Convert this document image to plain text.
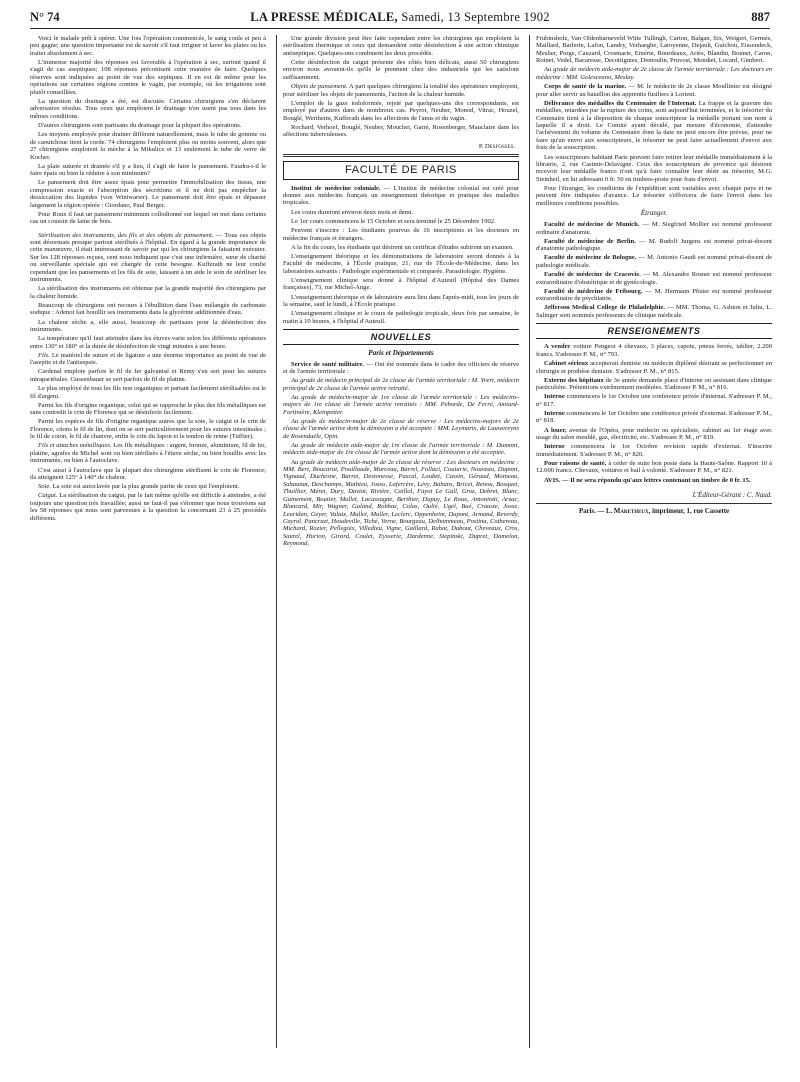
N° 74	LA PRESSE MÉDICALE, Samedi, 13 Septembre 1902	887

Voici le malade prêt à opérer. Une fois l'opération commencée, le sang coule et peu à peu gagne; une question importante est de savoir s'il faut irriguer et laver les plaies ou les traiter absolument à sec.

L'immense majorité des réponses est favorable à l'opération à sec, surtout quand il s'agit de cas aseptiques; 108 réponses préconisent cette manière de faire. Quelques réserves sont indiquées au point de vue des septiques. Il en est de même pour les opérations sur certaines régions comme le vagin, par exemple, où les irrigations sont plutôt conseillées.

La question du drainage a été, est discutée. Certains chirurgiens s'en déclarent adversaires résolus. Tous ceux qui emploient le drainage n'en usent pas tous dans les mêmes conditions.

D'autres chirurgiens sont partisans du drainage pour la plupart des opérations.

Les moyens employés pour drainer diffèrent naturellement, mais le tube de gomme ou de caoutchouc tient la corde. 74 chirurgiens l'emploient plus ou moins souvent, alors que 27 chirurgiens emploient la mèche à la Mikulicz et 13 seulement le tube de verre de Kocher.

La plaie suturée et drainée s'il y a lieu, il s'agit de faire le pansement. Faudra-t-il le faire épais ou bien le réduire à son minimum?

Le pansement doit être assez épais pour permettre l'immobilisation des tissus, une compression exacte et l'absorption des sécrétions et il ne doit pas empêcher la dessiccation des liquides (von Winiwarter). Le pansement doit être épais et dépasser largement la région opérée : Giordano, Paul Berger.

Pour Roux il faut un pansement minimum collodionné sur lequel on met dans certains cas un coussin de laine de bois.

Stérilisation des instruments, des fils et des objets de pansement. — Tous ces objets sont désormais presque partout stérilisés à l'hôpital. En égard à la grande importance de cette manœuvre, il était intéressant de savoir par qui les chirurgiens la faisaient exécuter. Sur les 128 réponses reçues, cent nous indiquent que c'est une infirmière, sœur de charité ou surveillante spéciale qui est chargée de cette besogne. Kufferath ne leur confie cependant que les pansements et les fils de soie, laissant à un aide le soin de stériliser les instruments.

La stérilisation des instruments est obtenue par la grande majorité des chirurgiens par la chaleur humide.

Beaucoup de chirurgiens ont recours à l'ébullition dans l'eau mélangée de carbonate sodique : Adenot fait bouillir ses instruments dans la glycérine additionnée d'eau.

La chaleur sèche a, elle aussi, beaucoup de partisans pour la désinfection des instruments.

La température qu'il faut atteindre dans les étuves varie selon les différents opérateurs entre 130° et 180° et la durée de désinfection de vingt minutes à une heure.

Fils. Le matériel de suture et de ligature a une énorme importance au point de vue de l'aseptie et de l'antisepsie.

Cardenal emploie parfois le fil de fer galvanisé et Remy s'en sert pour les sutures intrapariétales. Gussenbauer se sert parfois de fil de platine.

Le plus employé de tous les fils non organiques et partant facilement stérilisables est le fil d'argent.

Parmi les fils d'origine organique, celui qui se rapproche le plus des fils métalliques est sans contredit le crin de Florence qui se désinfecte facilement.

Parmi les espèces de fils d'origine organique autres que la soie, le catgut et le crin de Florence, citons le fil de lin, dont on se sert particulièrement pour les sutures intestinales ; le fil de coton, le fil de chanvre, enfin le crin du Japon et le tendon de renne (Tuffier).

Fils et attaches métalliques. Les fils métalliques : argent, bronze, aluminium, fil de fer, platine, agrafes de Michel sont ou bien stérilisés à l'étuve sèche, ou bien bouillis avec les instruments, ou bien à l'autoclave.

C'est aussi à l'autoclave que la plupart des chirurgiens stérilisent le crin de Florence; ils atteignent 125° à 140° de chaleur.

Soie. La soie est autoclavée par la plus grande partie de ceux qui l'emploient.

Catgut. La stérilisation du catgut, par le fait même qu'elle est difficile à atteindre, a été toujours une question très travaillée; aussi ne faut-il pas s'étonner que nous trouvions sur les 58 réponses qui nous sont parvenues à la question la concernant 23 à 25 procédés différents.

Une grande division peut être faite cependant entre les chirurgiens qui emploient la stérilisation thermique et ceux qui demandent cette désinfection à une action chimique antiseptique. Quelques-uns combinent les deux procédés.

Cette désinfection du catgut présente des côtés bien délicats, aussi 50 chirurgiens environ nous avouent-ils qu'ils le prennent chez des industriels qui les satisfont suffisamment.

Objets de pansement. A part quelques chirurgiens la totalité des opérateurs employent, pour stériliser les objets de pansements, l'action de la chaleur humide.

L'emploi de la gaze iodoformée, rejeté par quelques-uns des correspondants, est employé par d'autres dans de nombreux cas. Peyrot, Neuber, Monod, Vitrac, Houzel, Bouglé, Wertheim, Kufferath dans les affections de l'anus et du vagin.

Rochard, Verhoef, Bouglé, Neuber, Mouchet, Garré, Rosenberger, Mauclaire dans les affections tuberculeuses.

P. Desfosses.
FACULTÉ DE PARIS

Institut de médecine coloniale. — L'institut de médecine colonial est créé pour donner aux médecins français un enseignement théorique et pratique des maladies tropicales.

Les cours dureront environ deux mois et demi.

Le 1er cours commencera le 15 Octobre et sera terminé le 25 Décembre 1902.

Peuvent s'inscrire : Les étudiants pourvus de 16 inscriptions et les docteurs en médecine français et étrangers.

A la fin du cours, les étudiants qui désirent un certificat d'études subiront un examen.

L'enseignement théorique et les démonstrations de laboratoire seront donnés à la Faculté de médecine, à l'École pratique, 21, rue de l'École-de-Médecine, dans les laboratoires suivants : Pathologie expérimentale et comparée. Parasitologie. Hygiène.

L'enseignement clinique sera donné à l'hôpital d'Auteuil (Hôpital des Dames françaises), 73, rue Michel-Ange.

L'enseignement théorique et de laboratoire aura lieu dans l'après-midi, tous les jours de la semaine, sauf le lundi, à l'École pratique.

L'enseignement clinique et le cours de pathologie tropicale, deux fois par semaine, le matin à 10 heures, à l'hôpital d'Auteuil.

NOUVELLES
Paris et Départements

Service de santé militaire. — Ont été nommés dans le cadre des officiers de réserve et de l'armée territoriale :

Au grade de médecin principal de 2e classe de l'armée territoriale : M. Yvert, médecin principal de 2e classe de l'armée active retraité.

Au grade de médecin-major de 1re classe de l'armée territoriale : Les médecins-majors de 1re classe de l'armée active retraités : MM. Peborde, De Ferré, Amiard-Fortinière, Kleinpetter.

Au grade de médecin-major de 2e classe de réserve : Les médecins-majors de 2e classe de l'armée active dont la démission a été acceptée : MM. Leymarix, de Lauwereyns de Rosendaële, Opin.

Au grade de médecin aide-major de 1re classe de l'armée territoriale : M. Dumont, médecin aide-major de 1re classe de l'armée active dont la démission a été acceptée.

Au grade de médecin aide-major de 2e classe de réserve : Les docteurs en médecine : MM. Bert, Boucarut, Pouillaude, Marceau, Barrel, Follaci, Couturie, Nouveau, Dupont, Vignaud, Duchesne, Barret, Destonesse, Pascal, Loubet, Cassin, Géraud, Moineau, Sabaunat, Deschamps, Mathieu, Josso, Laferrère, Lévy, Bahans, Bricet, Renou, Bosquet, Thuillier, Méret, Dury, Daviot, Rivière, Caillol, Fayot Le Gall, Groz, Debret, Blanc, Guinement, Boutier, Mallet, Lacassagne, Berthier, Dupuy, Le Roux, Antoniotti, Arzac, Blancard, Mir, Wagner, Galand, Robbaz, Colas, Oulié, Ugel, Bué, Crauste, Josse, Leuridan, Geyer, Valatx, Mallet, Muller, Leclerc, Oppenheim, Dupont, Armand, Reverdy, Cayrol, Pancrazi, Houdeville, Tiché, Verne, Bourgeau, Delhommeau, Postina, Cothereau, Michard, Rozier, Pellegoix, Villedieu, Vigne, Gaillard, Rabat, Dabout, Cheveaux, Cros, Saurel, Hurion, Girard, Coulet, Eysserie, Dardenne, Stepinski, Dupret, Damelon, Reymond,

Frubinsholz, Van Oldenbarneveld Witte Tullingh, Carton, Balgan, Six, Weigert, Germès, Maillard, Barlerin, Lafon, Landry, Verhaeghe, Laroyenne, Dejault, Guichou, Eissendeck, Meslier, Porge, Cauzard, Crosmarie, Emérie, Bourdeaux, Ariès, Blandin, Bonnet, Caron, Roinet, Vedel, Bacaresse, Decottignies, Demoulin, Pruvost, Mondiet, Locard, Gimbert.

Au grade de médecin aide-major de 2e classe de l'armée territoriale : Les docteurs en médecine : MM. Golesceano, Meslay.

Corps de santé de la marine. — M. le médecin de 2e classe Moullinier est désigné pour aller servir au bataillon des apprentis fusiliers à Lorient.

Délivrance des médailles du Centenaire de l'Internat. La frappe et la gravure des médailles, retardées par la rupture des coins, sont aujourd'hui terminées, et le trésorier du Centenaire tient à la disposition de chaque souscripteur la médaille portant son nom à laquelle il a droit. Le Comité ayant décidé, par mesure d'économie, d'attendre l'achèvement du volume du Centenaire dont la date ne peut encore être prévue, pour ne faire qu'un envoi aux souscripteurs, le trésorier ne peut faire actuellement d'envoi aux frais de la souscription.

Les souscripteurs habitant Paris peuvent faire retirer leur médaille immédiatement à la librairie, 2, rue Casimir-Delavigne. Ceux des souscripteurs de province qui désirent recevoir leur médaille franco n'ont qu'à faire connaître leur désir au trésorier, M.G. Steinheil, en lui adressant 0 fr. 50 en timbres-poste pour frais d'envoi.

Pour l'étranger, les conditions de l'expédition sont variables avec chaque pays et ne peuvent être indiquées d'avance. Le trésorier s'efforcera de faire l'envoi dans les meilleures conditions possibles.

Étranger.

Faculté de médecine de Munich. — M. Siegfried Mollier est nommé professeur ordinaire d'anatomie.

Faculté de médecine de Berlin. — M. Rudolf Jurgens est nommé privat-docent d'anatomie pathologique.

Faculté de médecine de Bologne. — M. Antonio Gaudi est nommé privat-docent de pathologie médicale.

Faculté de médecine de Cracovie. — M. Alexandre Rosner est nommé professeur extraordinaire d'obstétrique et de gynécologie.

Faculté de médecine de Fribourg. — M. Hermann Pfister est nommé professeur extraordinaire de psychiatrie.

Jefferson Medical College de Philadelphie. — MM. Thoma, G. Ashton et Juliu, L. Salinger sont nommés professeurs de clinique médicale.

RENSEIGNEMENTS

A vendre voiture Peugeot 4 chevaux, 3 places, capote, pneus ferrés, tablier, 2.200 francs. S'adresser P. M., n° 793.

Cabinet sérieux accepterait dentiste ou médecin diplômé désirant se perfectionner en chirurgie et prothèse dentaire. S'adresser P. M., n° 815.

Externe des hôpitaux de 3e année demande place d'interne ou assistant dans clinique particulière. Prétentions extrêmement modérées. S'adresser P. M., n° 816.

Interne commencera le 1er Octobre une conférence privée d'internat. S'adresser P. M., n° 817.

Interne commencera le 1er Octobre une conférence privée d'externat. S'adresser P. M., n° 818.

A louer, avenue de l'Opéra, pour médecin ou spécialiste, cabinet au 1er étage avec usage du salon meublé, gaz, électricité, etc. S'adresser P. M., n° 819.

Interne commencera le 1er Octobre revision rapide d'externat. S'inscrire immédiatement. S'adresser P. M., n° 820.

Pour raisons de santé, à céder de suite bon poste dans la Haute-Saône. Rapport 10 à 12.000 francs. Chevaux, voitures et bail à volonté. S'adresser P. M., n° 821.

AVIS. — Il ne sera répondu qu'aux lettres contenant un timbre de 0 fr. 15.

L'Éditeur-Gérant : C. Naud.
Paris. — L. Maretheux, imprimeur, 1, rue Cassette
